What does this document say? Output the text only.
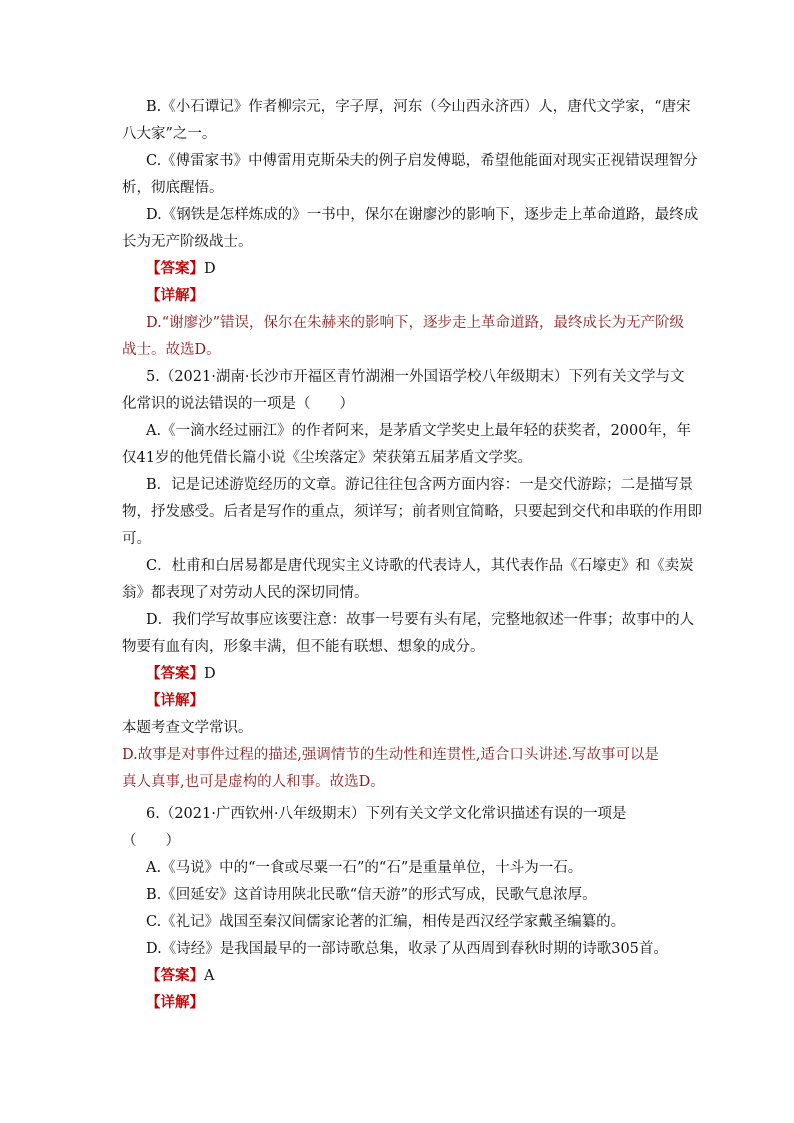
B.《小石谭记》作者柳宗元，字子厚，河东（今山西永济西）人，唐代文学家，“唐宋
八大家”之一。
C.《傅雷家书》中傅雷用克斯朵夫的例子启发傅聪，希望他能面对现实正视错误理智分
析，彻底醒悟。
D.《钢铁是怎样炼成的》一书中，保尔在谢廖沙的影响下，逐步走上革命道路，最终成
长为无产阶级战士。
【答案】D
【详解】
D.“谢廖沙”错误，保尔在朱赫来的影响下，逐步走上革命道路，最终成长为无产阶级
战士。故选D。
5.（2021·湖南·长沙市开福区青竹湖湘一外国语学校八年级期末）下列有关文学与文
化常识的说法错误的一项是（　　）
A.《一滴水经过丽江》的作者阿来，是茅盾文学奖史上最年轻的获奖者，2000年，年
仅41岁的他凭借长篇小说《尘埃落定》荣获第五届茅盾文学奖。
B．记是记述游览经历的文章。游记往往包含两方面内容：一是交代游踪；二是描写景
物，抒发感受。后者是写作的重点，须详写；前者则宜简略，只要起到交代和串联的作用即
可。
C．杜甫和白居易都是唐代现实主义诗歌的代表诗人，其代表作品《石壕吏》和《卖炭
翁》都表现了对劳动人民的深切同情。
D．我们学写故事应该要注意：故事一号要有头有尾，完整地叙述一件事；故事中的人
物要有血有肉，形象丰满，但不能有联想、想象的成分。
【答案】D
【详解】
本题考查文学常识。
D.故事是对事件过程的描述,强调情节的生动性和连贯性,适合口头讲述.写故事可以是
真人真事,也可是虚构的人和事。故选D。
6.（2021·广西钦州·八年级期末）下列有关文学文化常识描述有误的一项是
（　　）
A.《马说》中的“一食或尽粟一石”的“石”是重量单位，十斗为一石。
B.《回延安》这首诗用陕北民歌“信天游”的形式写成，民歌气息浓厚。
C.《礼记》战国至秦汉间儒家论著的汇编，相传是西汉经学家戴圣编纂的。
D.《诗经》是我国最早的一部诗歌总集，收录了从西周到春秋时期的诗歌305首。
【答案】A
【详解】
